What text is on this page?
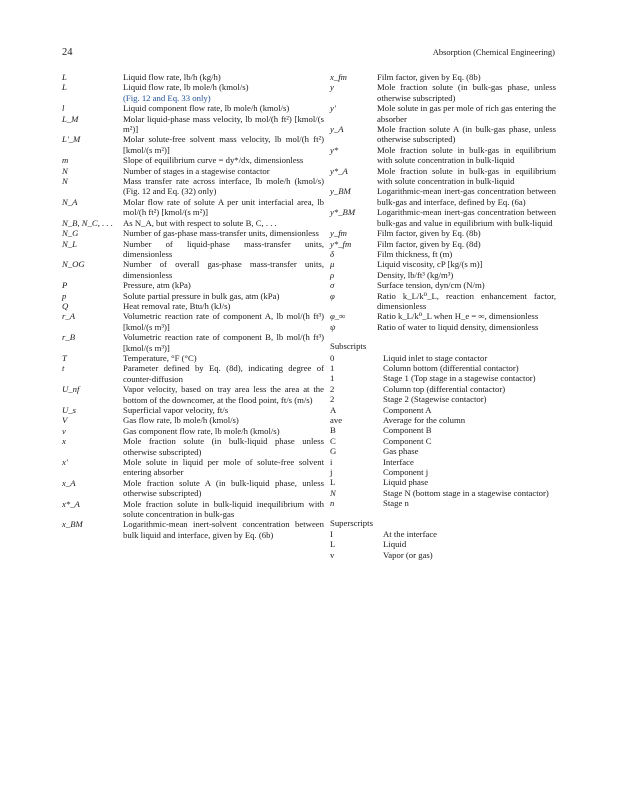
24	Absorption (Chemical Engineering)
L	Liquid flow rate, lb/h (kg/h)
L	Liquid flow rate, lb mole/h (kmol/s)
(Fig. 12 and Eq. 33 only)
l	Liquid component flow rate, lb mole/h (kmol/s)
L_M	Molar liquid-phase mass velocity, lb mol/(h ft²) [kmol/(s m²)]
L'_M	Molar solute-free solvent mass velocity, lb mol/(h ft²) [kmol/(s m²)]
m	Slope of equilibrium curve = dy*/dx, dimensionless
N	Number of stages in a stagewise contactor
N	Mass transfer rate across interface, lb mole/h (kmol/s) (Fig. 12 and Eq. (32) only)
N_A	Molar flow rate of solute A per unit interfacial area, lb mol/(h ft²) [kmol/(s m²)]
N_B, N_C, . . .	As N_A, but with respect to solute B, C, . . .
N_G	Number of gas-phase mass-transfer units, dimensionless
N_L	Number of liquid-phase mass-transfer units, dimensionless
N_OG	Number of overall gas-phase mass-transfer units, dimensionless
P	Pressure, atm (kPa)
p	Solute partial pressure in bulk gas, atm (kPa)
Q	Heat removal rate, Btu/h (kJ/s)
r_A	Volumetric reaction rate of component A, lb mol/(h ft³) [kmol/(s m³)]
r_B	Volumetric reaction rate of component B, lb mol/(h ft³) [kmol/(s m³)]
T	Temperature, °F (°C)
t	Parameter defined by Eq. (8d), indicating degree of counter-diffusion
U_nf	Vapor velocity, based on tray area less the area at the bottom of the downcomer, at the flood point, ft/s (m/s)
U_s	Superficial vapor velocity, ft/s
V	Gas flow rate, lb mole/h (kmol/s)
v	Gas component flow rate, lb mole/h (kmol/s)
x	Mole fraction solute (in bulk-liquid phase unless otherwise subscripted)
x'	Mole solute in liquid per mole of solute-free solvent entering absorber
x_A	Mole fraction solute A (in bulk-liquid phase, unless otherwise subscripted)
x*_A	Mole fraction solute in bulk-liquid inequilibrium with solute concentration in bulk-gas
x_BM	Logarithmic-mean inert-solvent concentration between bulk liquid and interface, given by Eq. (6b)
x_fm	Film factor, given by Eq. (8b)
y	Mole fraction solute (in bulk-gas phase, unless otherwise subscripted)
y'	Mole solute in gas per mole of rich gas entering the absorber
y_A	Mole fraction solute A (in bulk-gas phase, unless otherwise subscripted)
y*	Mole fraction solute in bulk-gas in equilibrium with solute concentration in bulk-liquid
y*_A	Mole fraction solute in bulk-gas in equilibrium with solute concentration in bulk-liquid
y_BM	Logarithmic-mean inert-gas concentration between bulk-gas and interface, defined by Eq. (6a)
y*_BM	Logarithmic-mean inert-gas concentration between bulk-gas and value in equilibrium with bulk-liquid
y_fm	Film factor, given by Eq. (8b)
y*_fm	Film factor, given by Eq. (8d)
δ	Film thickness, ft (m)
μ	Liquid viscosity, cP [kg/(s m)]
ρ	Density, lb/ft³ (kg/m³)
σ	Surface tension, dyn/cm (N/m)
φ	Ratio k_L/k⁰_L, reaction enhancement factor, dimensionless
φ_∞	Ratio k_L/k⁰_L when H_e = ∞, dimensionless
ψ	Ratio of water to liquid density, dimensionless
Subscripts
0	Liquid inlet to stage contactor
1	Column bottom (differential contactor)
1	Stage 1 (Top stage in a stagewise contactor)
2	Column top (differential contactor)
2	Stage 2 (Stagewise contactor)
A	Component A
ave	Average for the column
B	Component B
C	Component C
G	Gas phase
i	Interface
j	Component j
L	Liquid phase
N	Stage N (bottom stage in a stagewise contactor)
n	Stage n
Superscripts
I	At the interface
L	Liquid
v	Vapor (or gas)
